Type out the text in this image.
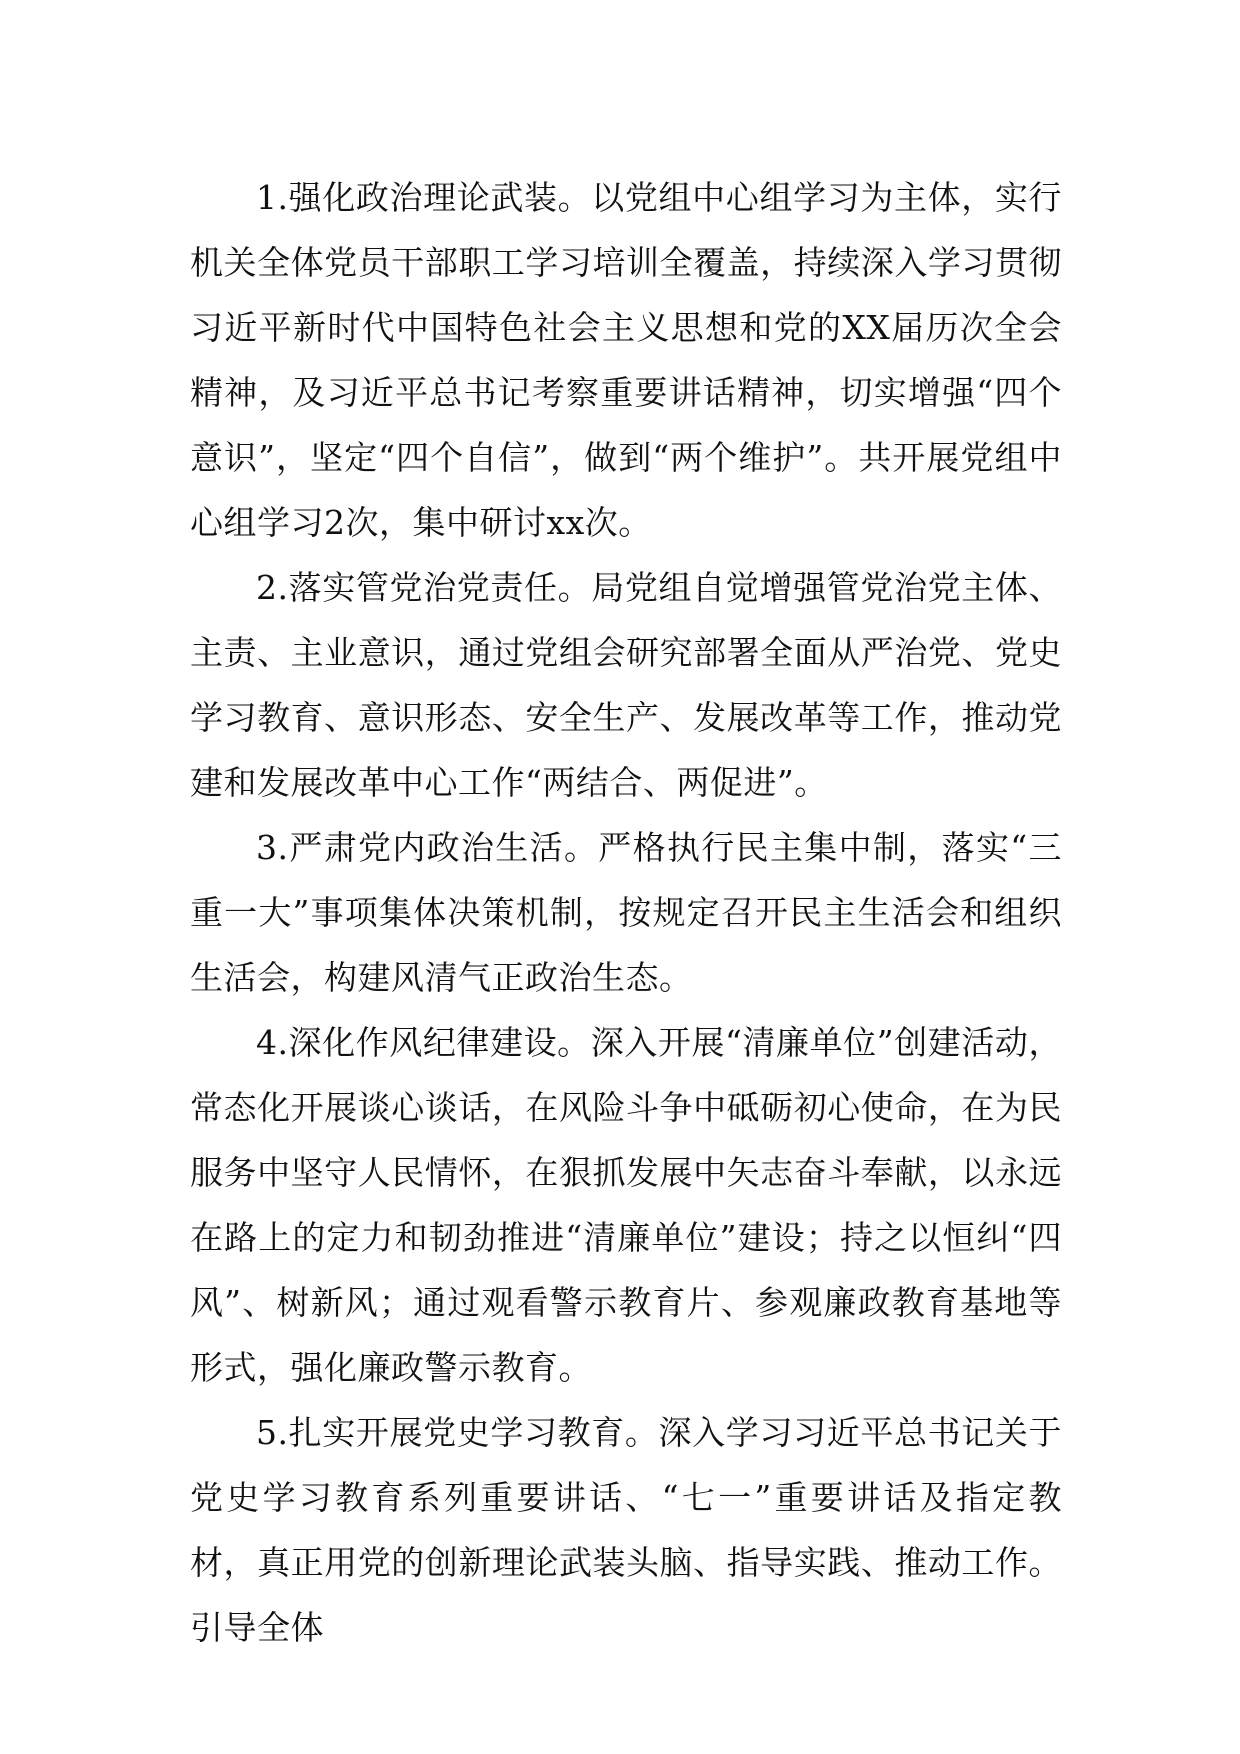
1.强化政治理论武装。以党组中心组学习为主体，实行机关全体党员干部职工学习培训全覆盖，持续深入学习贯彻习近平新时代中国特色社会主义思想和党的XX届历次全会精神，及习近平总书记考察重要讲话精神，切实增强“四个意识”，坚定“四个自信”，做到“两个维护”。共开展党组中心组学习2次，集中研讨xx次。

2.落实管党治党责任。局党组自觉增强管党治党主体、主责、主业意识，通过党组会研究部署全面从严治党、党史学习教育、意识形态、安全生产、发展改革等工作，推动党建和发展改革中心工作“两结合、两促进”。

3.严肃党内政治生活。严格执行民主集中制，落实“三重一大”事项集体决策机制，按规定召开民主生活会和组织生活会，构建风清气正政治生态。

4.深化作风纪律建设。深入开展“清廉单位”创建活动，常态化开展谈心谈话，在风险斗争中砥砺初心使命，在为民服务中坚守人民情怀，在狠抓发展中矢志奋斗奉献，以永远在路上的定力和韧劲推进“清廉单位”建设；持之以恒纠“四风”、树新风；通过观看警示教育片、参观廉政教育基地等形式，强化廉政警示教育。

5.扎实开展党史学习教育。深入学习习近平总书记关于党史学习教育系列重要讲话、“七一”重要讲话及指定教材，真正用党的创新理论武装头脑、指导实践、推动工作。引导全体
